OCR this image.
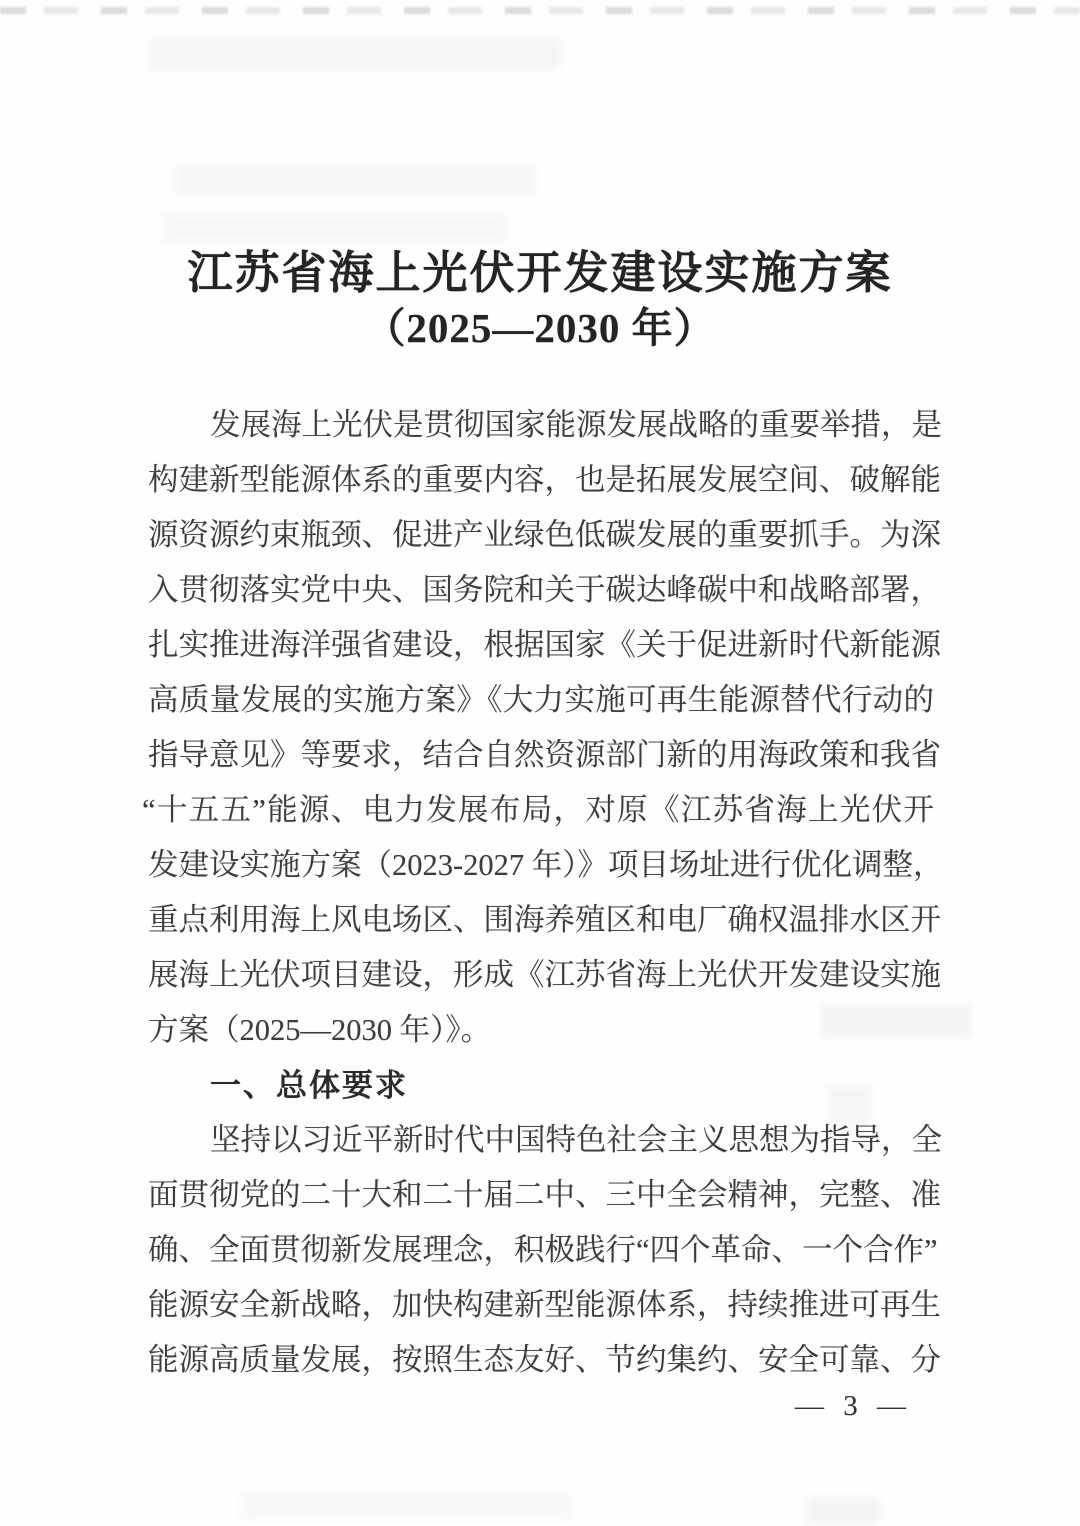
江苏省海上光伏开发建设实施方案
（2025—2030 年）
发展海上光伏是贯彻国家能源发展战略的重要举措，是
构建新型能源体系的重要内容，也是拓展发展空间、破解能
源资源约束瓶颈、促进产业绿色低碳发展的重要抓手。为深
入贯彻落实党中央、国务院和关于碳达峰碳中和战略部署，
扎实推进海洋强省建设，根据国家《关于促进新时代新能源
高质量发展的实施方案》《大力实施可再生能源替代行动的
指导意见》等要求，结合自然资源部门新的用海政策和我省
“十五五”能源、电力发展布局，对原《江苏省海上光伏开
发建设实施方案（2023-2027 年）》项目场址进行优化调整，
重点利用海上风电场区、围海养殖区和电厂确权温排水区开
展海上光伏项目建设，形成《江苏省海上光伏开发建设实施
方案（2025—2030 年）》。
一、总体要求
坚持以习近平新时代中国特色社会主义思想为指导，全
面贯彻党的二十大和二十届二中、三中全会精神，完整、准
确、全面贯彻新发展理念，积极践行“四个革命、一个合作”
能源安全新战略，加快构建新型能源体系，持续推进可再生
能源高质量发展，按照生态友好、节约集约、安全可靠、分
— 3 —
